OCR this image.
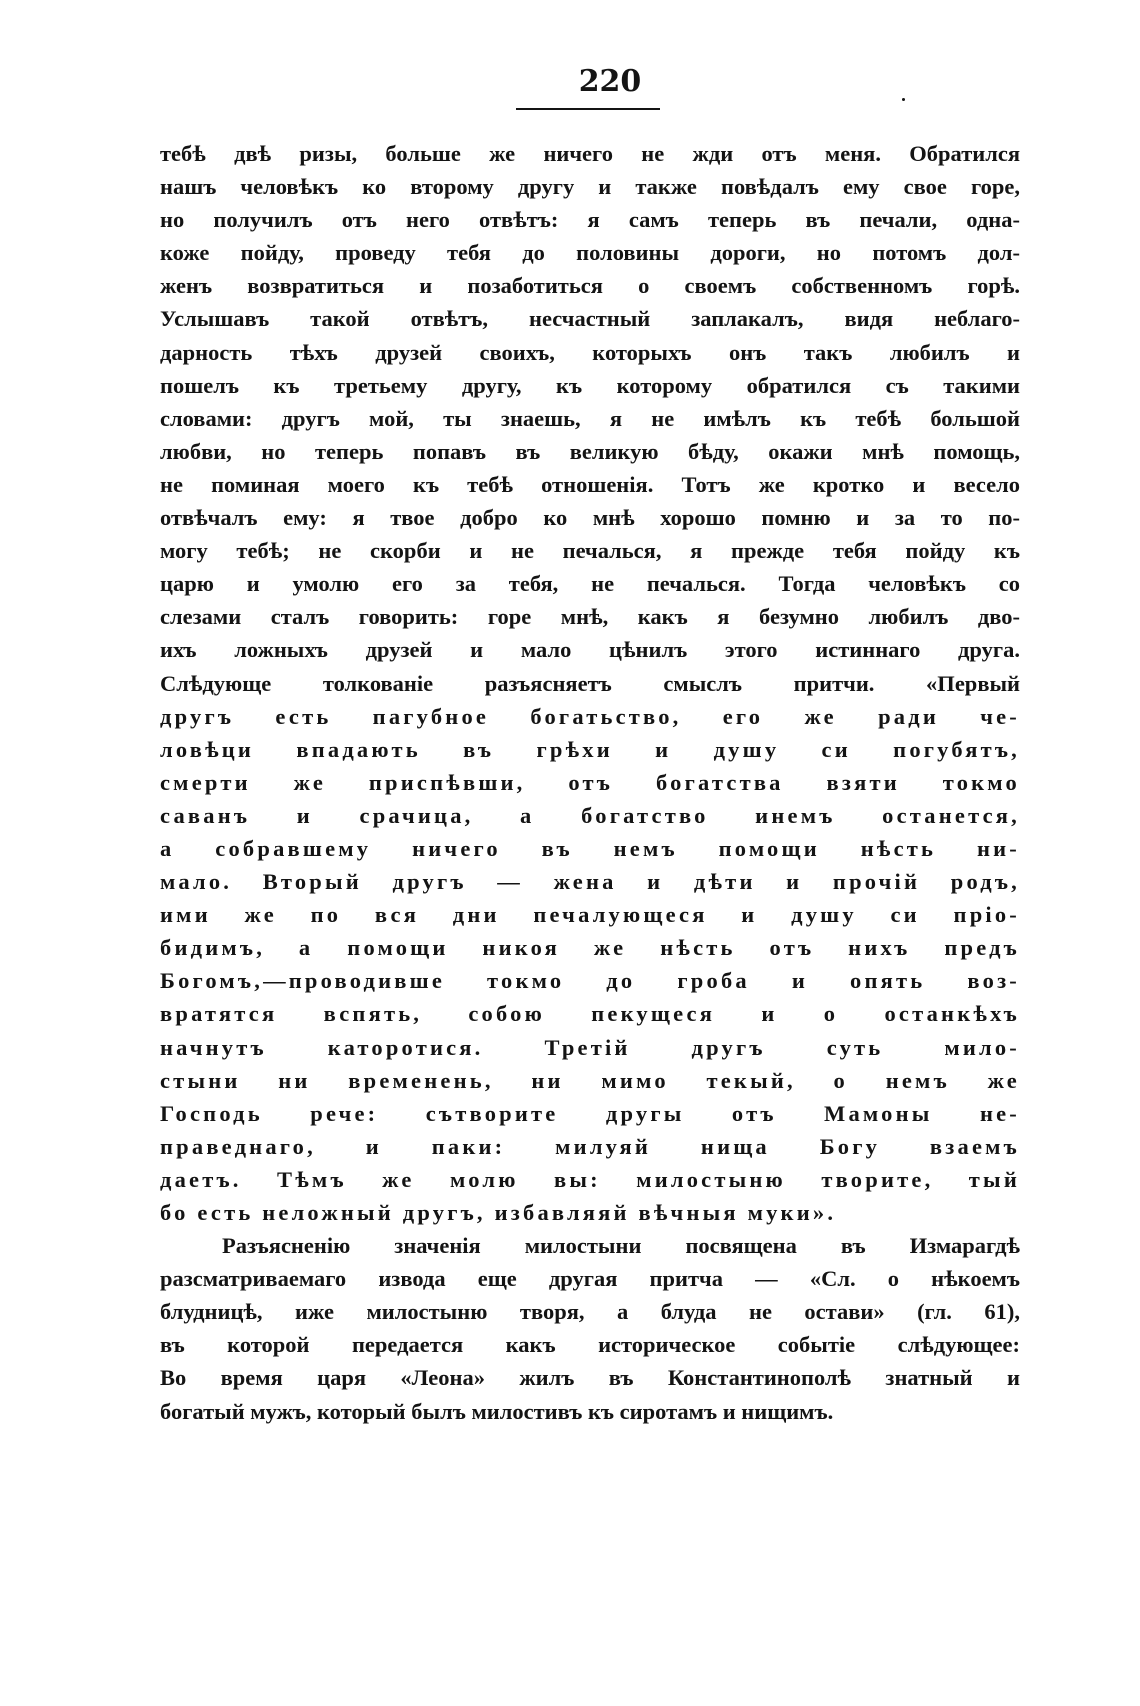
220
тебѣ двѣ ризы, больше же ничего не жди отъ меня. Обратился
нашъ человѣкъ ко второму другу и также повѣдалъ ему свое горе,
но получилъ отъ него отвѣтъ: я самъ теперь въ печали, одна-
коже пойду, проведу тебя до половины дороги, но потомъ дол-
женъ возвратиться и позаботиться о своемъ собственномъ горѣ.
Услышавъ такой отвѣтъ, несчастный заплакалъ, видя неблаго-
дарность тѣхъ друзей своихъ, которыхъ онъ такъ любилъ и
пошелъ къ третьему другу, къ которому обратился съ такими
словами: другъ мой, ты знаешь, я не имѣлъ къ тебѣ большой
любви, но теперь попавъ въ великую бѣду, окажи мнѣ помощь,
не поминая моего къ тебѣ отношенія. Тотъ же кротко и весело
отвѣчалъ ему: я твое добро ко мнѣ хорошо помню и за то по-
могу тебѣ; не скорби и не печалься, я прежде тебя пойду къ
царю и умолю его за тебя, не печалься. Тогда человѣкъ со
слезами сталъ говорить: горе мнѣ, какъ я безумно любилъ дво-
ихъ ложныхъ друзей и мало цѣнилъ этого истиннаго друга.
Слѣдующе толкованіе разъясняетъ смыслъ притчи. «Первый
другъ есть пагубное богатьство, его же ради че-
ловѣци впадають въ грѣхи и душу си погубятъ,
смерти же приспѣвши, отъ богатства взяти токмо
саванъ и срачица, а богатство инемъ останется,
а собравшему ничего въ немъ помощи нѣсть ни-
мало. Вторый другъ — жена и дѣти и прочій родъ,
ими же по вся дни печалующеся и душу си пріо-
бидимъ, а помощи никоя же нѣсть отъ нихъ предъ
Богомъ,—проводивше токмо до гроба и опять воз-
вратятся вспять, собою пекущеся и о останкѣхъ
начнутъ каторотися. Третій другъ суть мило-
стыни ни временень, ни мимо текый, о немъ же
Господь рече: сътворите другы отъ Мамоны не-
праведнаго, и паки: милуяй нища Богу взаемъ
даетъ. Тѣмъ же молю вы: милостыню творите, тый
бо есть неложный другъ, избавляяй вѣчныя муки».
Разъясненію значенія милостыни посвящена въ Измарагдѣ
разсматриваемаго извода еще другая притча — «Сл. о нѣкоемъ
блудницѣ, иже милостыню творя, а блуда не остави» (гл. 61),
въ которой передается какъ историческое событіе слѣдующее:
Во время царя «Леона» жилъ въ Константинополѣ знатный и
богатый мужъ, который былъ милостивъ къ сиротамъ и нищимъ.
